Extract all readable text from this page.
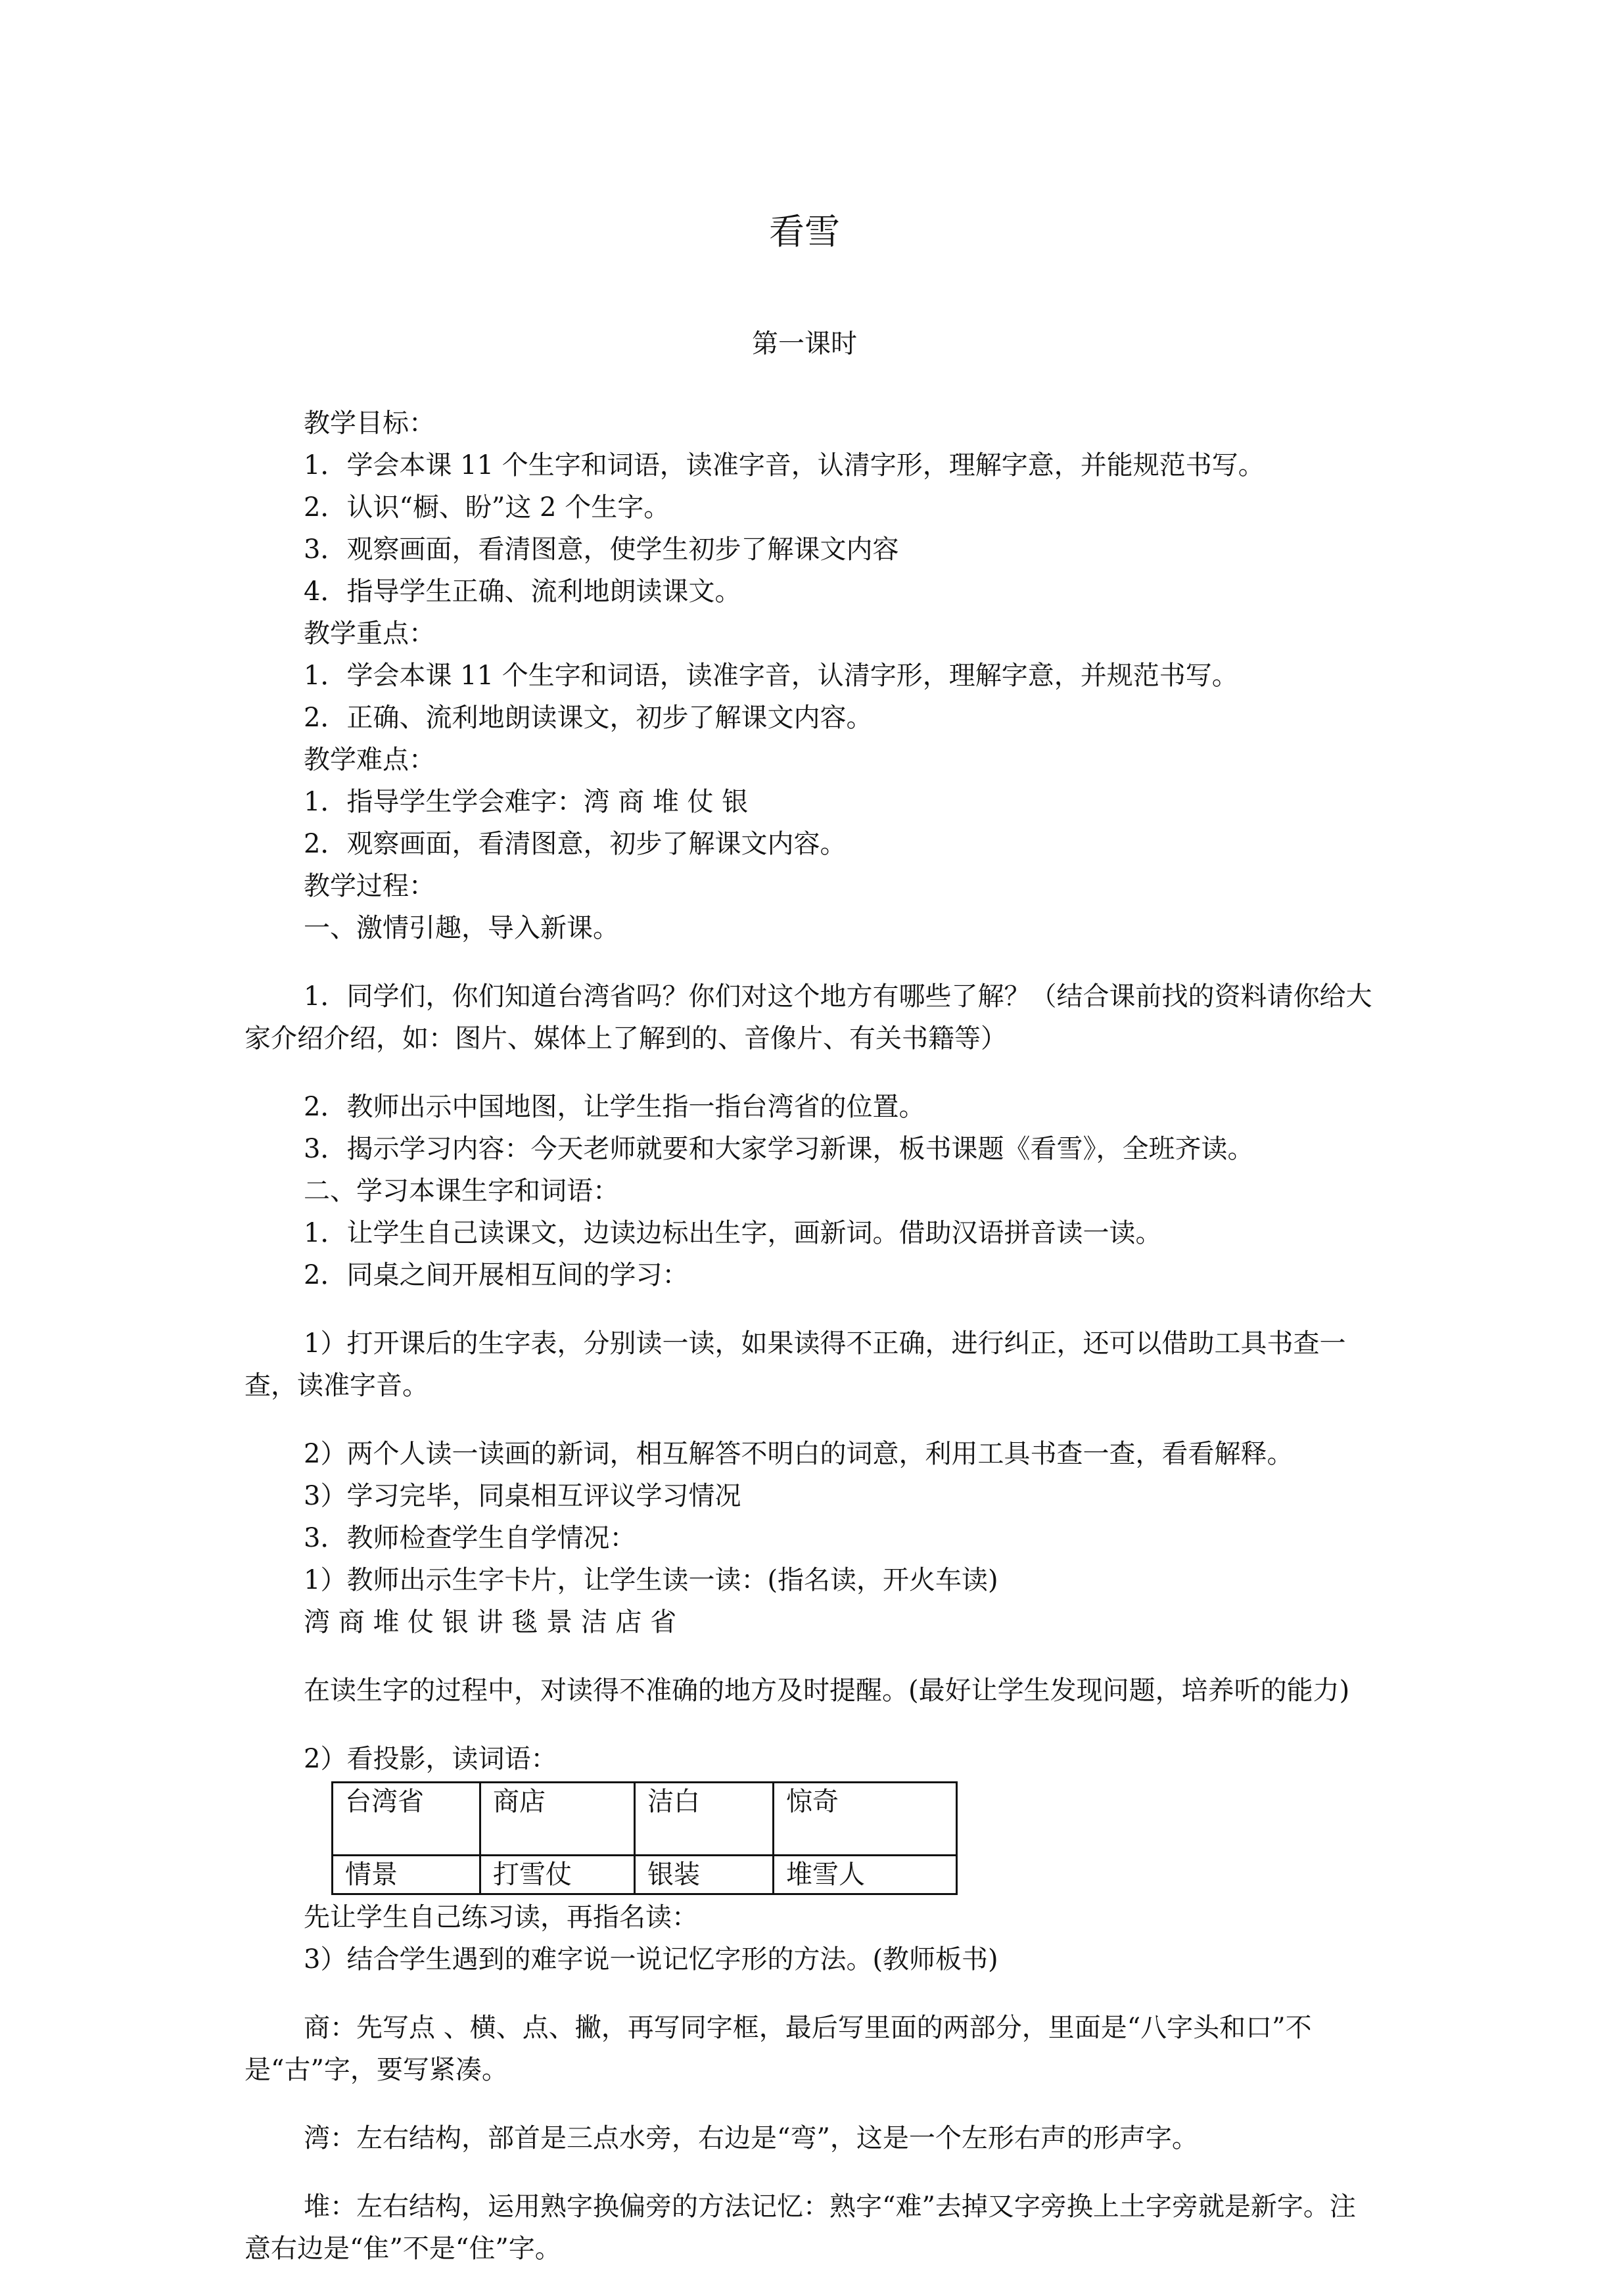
看雪
第一课时

教学目标：

1．学会本课 11 个生字和词语，读准字音，认清字形，理解字意，并能规范书写。

2．认识“橱、盼”这 2 个生字。

3．观察画面，看清图意，使学生初步了解课文内容

4．指导学生正确、流利地朗读课文。

教学重点：

1．学会本课 11 个生字和词语，读准字音，认清字形，理解字意，并规范书写。

2．正确、流利地朗读课文，初步了解课文内容。

教学难点：

1．指导学生学会难字：湾 商 堆 仗 银

2．观察画面，看清图意，初步了解课文内容。

教学过程：

一、激情引趣，导入新课。

1．同学们，你们知道台湾省吗？你们对这个地方有哪些了解？（结合课前找的资料请你给大家介绍介绍，如：图片、媒体上了解到的、音像片、有关书籍等）

2．教师出示中国地图，让学生指一指台湾省的位置。

3．揭示学习内容：今天老师就要和大家学习新课，板书课题《看雪》，全班齐读。

二、学习本课生字和词语：

1．让学生自己读课文，边读边标出生字，画新词。借助汉语拼音读一读。

2．同桌之间开展相互间的学习：

1）打开课后的生字表，分别读一读，如果读得不正确，进行纠正，还可以借助工具书查一查，读准字音。

2）两个人读一读画的新词，相互解答不明白的词意，利用工具书查一查，看看解释。

3）学习完毕，同桌相互评议学习情况

3．教师检查学生自学情况：

1）教师出示生字卡片，让学生读一读：(指名读，开火车读)

湾 商 堆 仗 银 讲 毯 景 洁 店 省

在读生字的过程中，对读得不准确的地方及时提醒。(最好让学生发现问题，培养听的能力)

2）看投影，读词语：

台湾省	商店	洁白	惊奇
情景	打雪仗	银装	堆雪人

先让学生自己练习读，再指名读：

3）结合学生遇到的难字说一说记忆字形的方法。(教师板书)

商：先写点 、横、点、撇，再写同字框，最后写里面的两部分，里面是“八字头和口”不是“古”字，要写紧凑。

湾：左右结构，部首是三点水旁，右边是“弯”，这是一个左形右声的形声字。

堆：左右结构，运用熟字换偏旁的方法记忆：熟字“难”去掉又字旁换上土字旁就是新字。注意右边是“隹”不是“住”字。
